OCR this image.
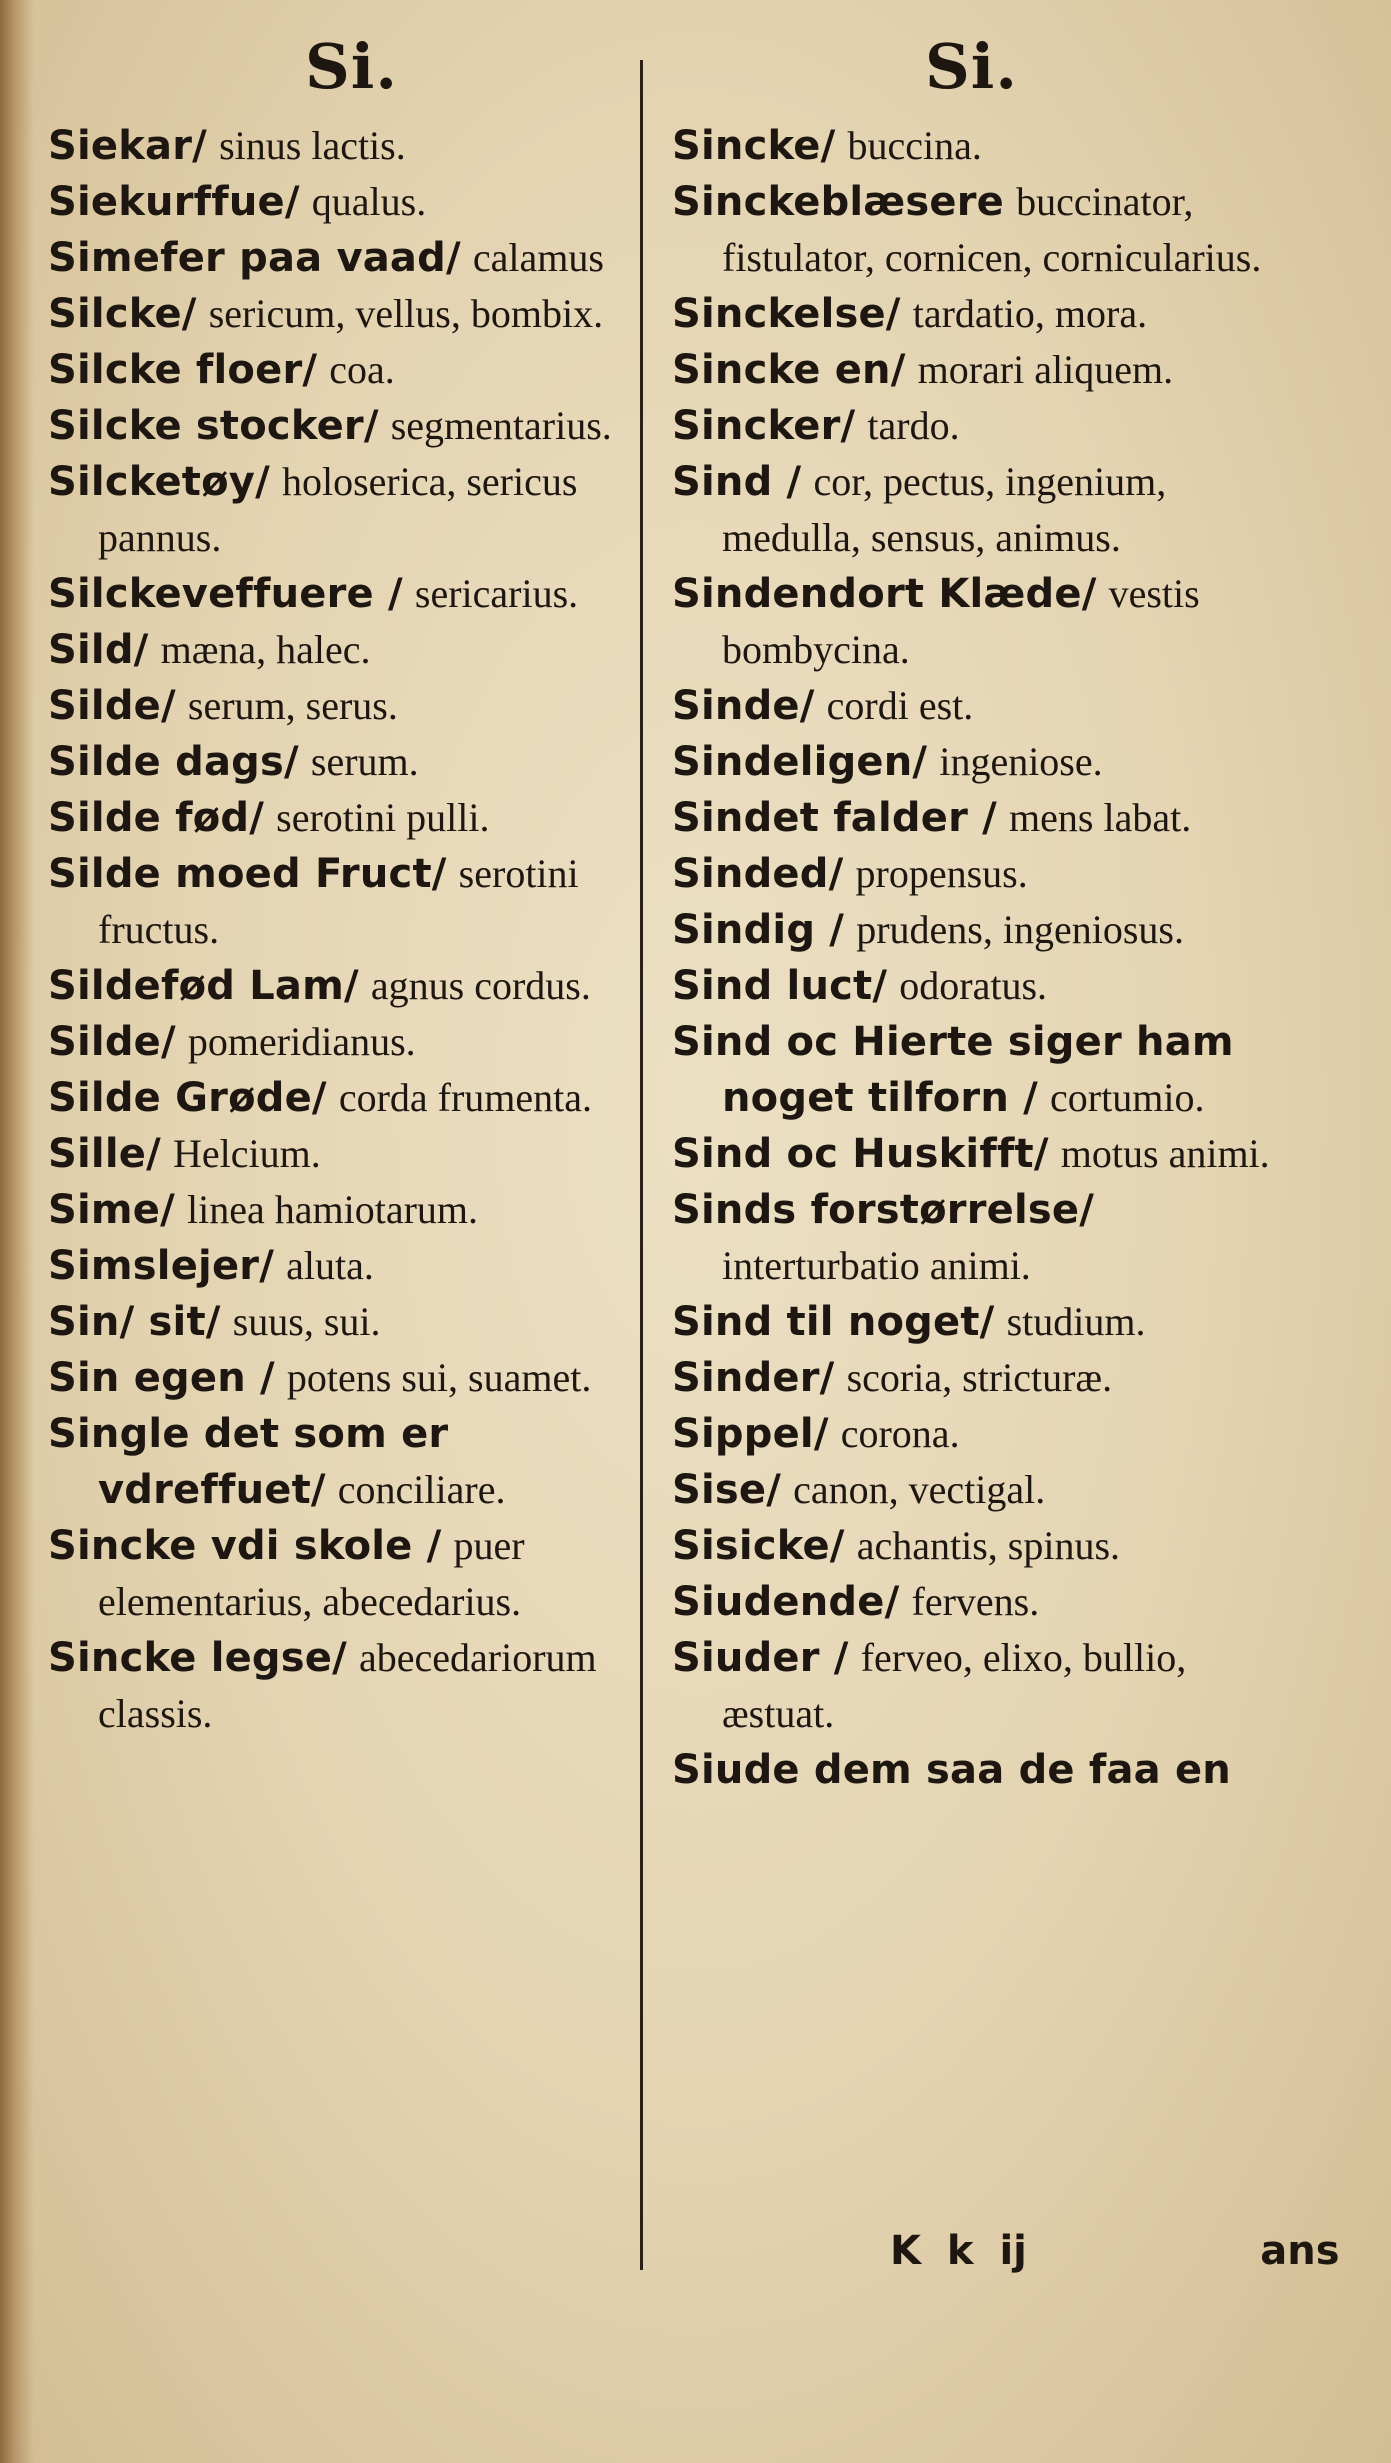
Si.	Si.
Siekar/ sinus lactis.
Siekurffue/ qualus.
Simefer paa vaad/ calamus
Silcke/ sericum, vellus, bombix.
Silcke floer/ coa.
Silcke stocker/ segmentarius.
Silcketøy/ holoserica, sericus pannus.
Silckeveffuere / sericarius.
Sild/ mæna, halec.
Silde/ serum, serus.
Silde dags/ serum.
Silde fød/ serotini pulli.
Silde moed Fruct/ serotini fructus.
Sildefød Lam/ agnus cordus.
Silde/ pomeridianus.
Silde Grøde/ corda frumenta.
Sille/ Helcium.
Sime/ linea hamiotarum.
Simslejer/ aluta.
Sin/ sit/ suus, sui.
Sin egen / potens sui, suamet.
Single det som er vdreffuet/ conciliare.
Sincke vdi skole / puer elementarius, abecedarius.
Sincke legse/ abecedariorum classis.
Sincke/ buccina.
Sinckeblæsere buccinator, fistulator, cornicen, cornicularius.
Sinckelse/ tardatio, mora.
Sincke en/ morari aliquem.
Sincker/ tardo.
Sind / cor, pectus, ingenium, medulla, sensus, animus.
Sindendort Klæde/ vestis bombycina.
Sinde/ cordi est.
Sindeligen/ ingeniose.
Sindet falder / mens labat.
Sinded/ propensus.
Sindig / prudens, ingeniosus.
Sind luct/ odoratus.
Sind oc Hierte siger ham noget tilforn / cortumio.
Sind oc Huskifft/ motus animi.
Sinds forstørrelse/ interturbatio animi.
Sind til noget/ studium.
Sinder/ scoria, stricturæ.
Sippel/ corona.
Sise/ canon, vectigal.
Sisicke/ achantis, spinus.
Siudende/ fervens.
Siuder / ferveo, elixo, bullio, æstuat.
Siude dem saa de faa en
K k ij	ans
